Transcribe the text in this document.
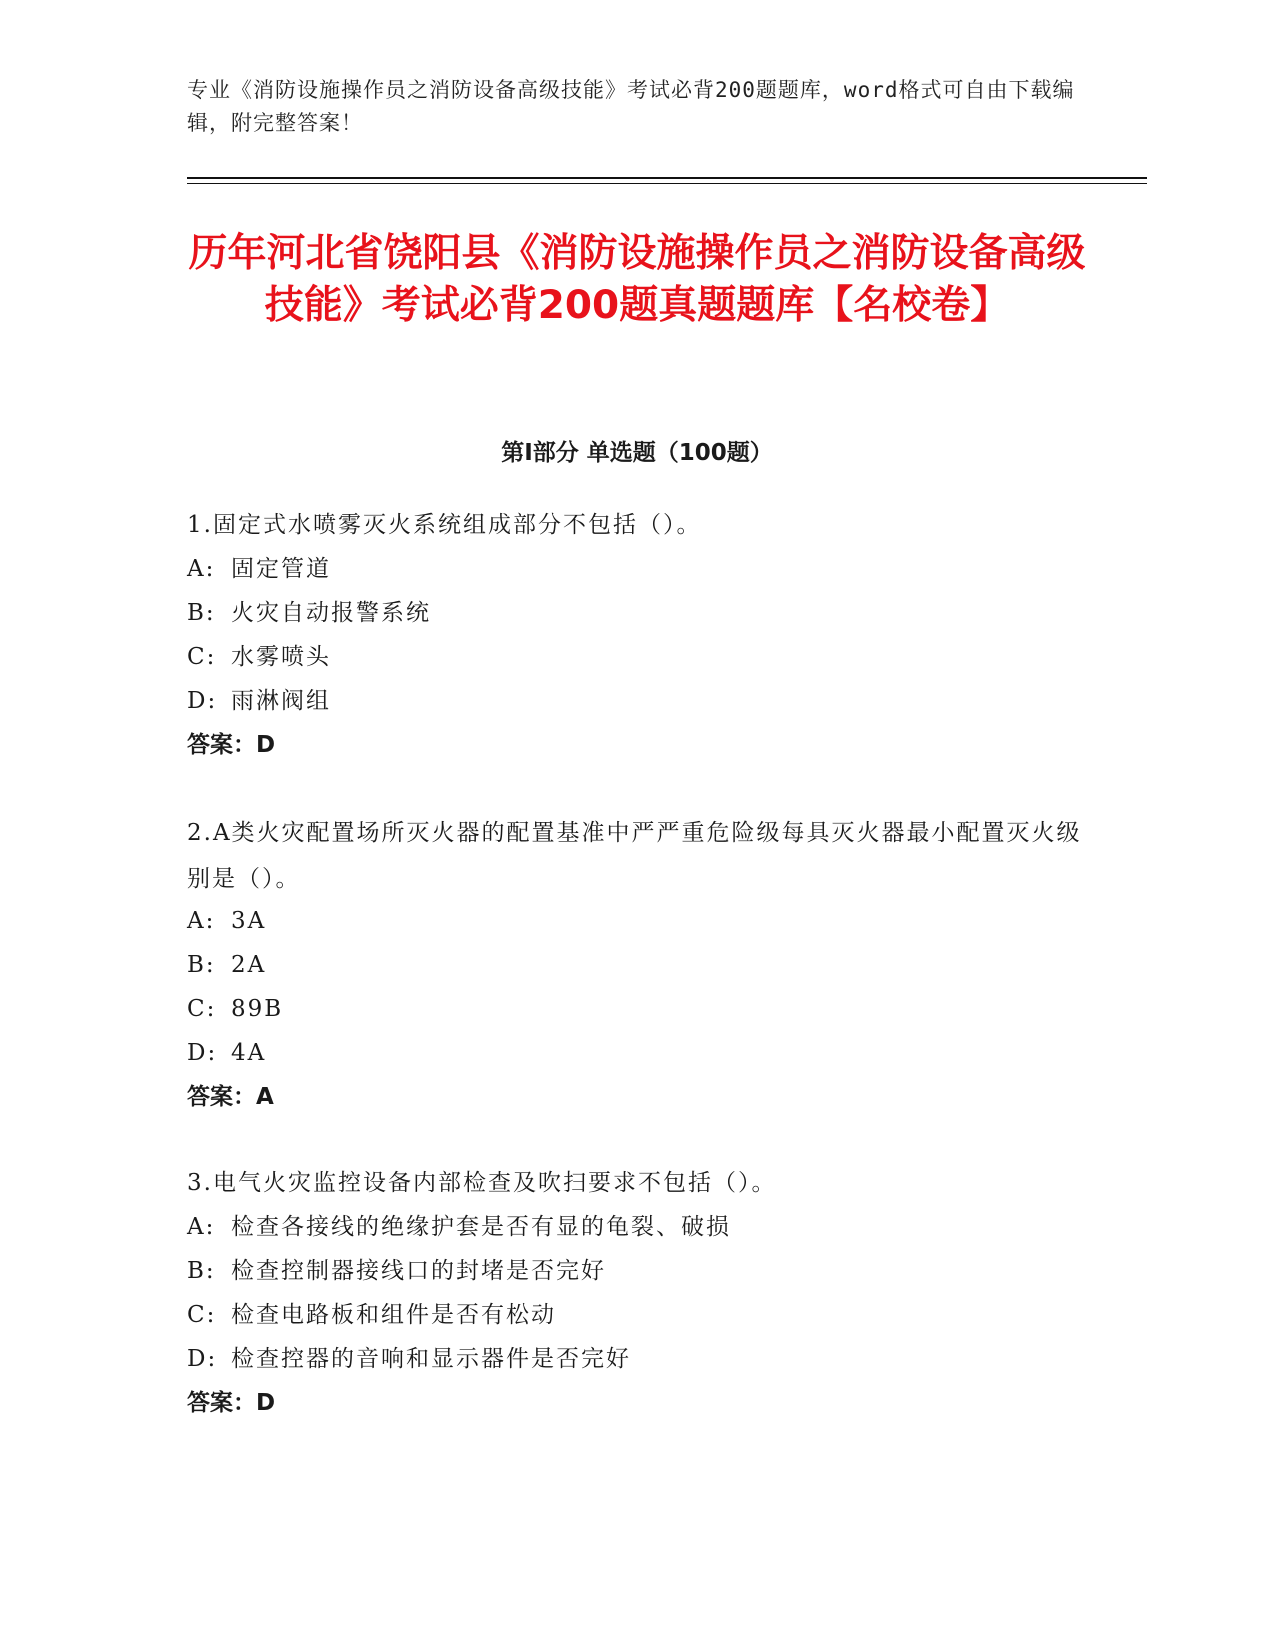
专业《消防设施操作员之消防设备高级技能》考试必背200题题库，word格式可自由下载编辑，附完整答案！
历年河北省饶阳县《消防设施操作员之消防设备高级技能》考试必背200题真题题库【名校卷】
第Ⅰ部分 单选题（100题）
1.固定式水喷雾灭火系统组成部分不包括（）。
A: 固定管道
B: 火灾自动报警系统
C: 水雾喷头
D: 雨淋阀组
答案：D
2.A类火灾配置场所灭火器的配置基准中严严重危险级每具灭火器最小配置灭火级别是（）。
A: 3A
B: 2A
C: 89B
D: 4A
答案：A
3.电气火灾监控设备内部检查及吹扫要求不包括（）。
A: 检查各接线的绝缘护套是否有显的龟裂、破损
B: 检查控制器接线口的封堵是否完好
C: 检查电路板和组件是否有松动
D: 检查控器的音响和显示器件是否完好
答案：D
